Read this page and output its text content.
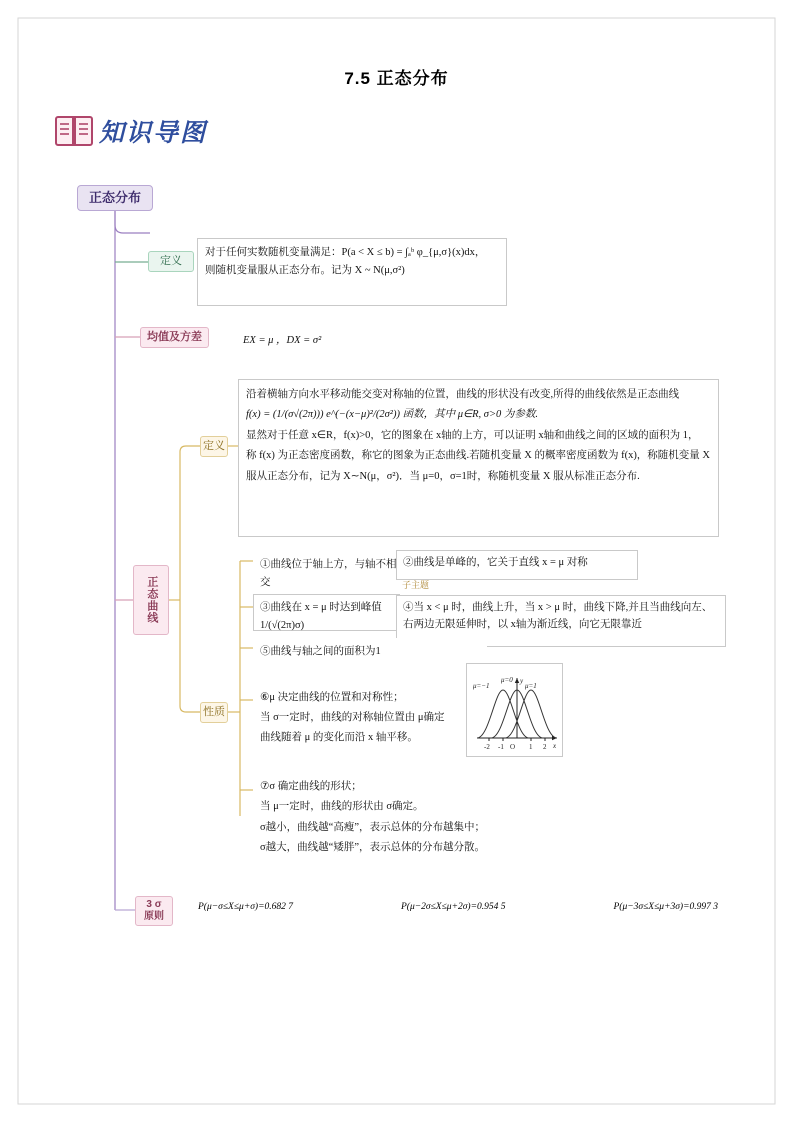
7.5 正态分布
知识导图
正态分布
定义
对于任何实数随机变量满足：P(a < X ≤ b) = ∫ₐᵇ φ_{μ,σ}(x)dx，
则随机变量服从正态分布。记为 X ~ N(μ,σ²)
均值及方差	EX = μ ，DX = σ²
正态曲线
定义
沿着横轴方向水平移动能交变对称轴的位置，曲线的形状没有改变,所得的曲线依然是正态曲线
f(x) = (1/(σ√(2π))) e^(−(x−μ)²/(2σ²)) 函数，其中 μ∈R, σ>0 为参数.
显然对于任意 x∈R，f(x)>0，它的图象在 x轴的上方，可以证明 x轴和曲线之间的区域的面积为 1，
称 f(x) 为正态密度函数，称它的图象为正态曲线.若随机变量 X 的概率密度函数为 f(x)，称随机变量 X
服从正态分布，记为 X∼N(μ，σ²)．当 μ=0，σ=1时，称随机变量 X 服从标准正态分布.
性质
①曲线位于轴上方，与轴不相交
②曲线是单峰的，它关于直线 x = μ 对称
③曲线在 x = μ 时达到峰值 1/(√(2π)σ)
子主题
④当 x < μ 时，曲线上升，当 x > μ 时，曲线下降,并且当曲线向左、右两边无限延伸时，以 x轴为渐近线，向它无限靠近
⑤曲线与轴之间的面积为1
⑥μ 决定曲线的位置和对称性；
当 σ一定时，曲线的对称轴位置由 μ确定
曲线随着 μ 的变化而沿 x 轴平移。
⑦σ 确定曲线的形状；
当 μ一定时，曲线的形状由 σ确定。
σ越小，曲线越“高瘦”，表示总体的分布越集中；
σ越大，曲线越“矮胖”，表示总体的分布越分散。
y
x
-2 -1 O 1 2
μ=−1
μ=0
μ=1
3 σ
原则
P(μ−σ≤X≤μ+σ)=0.682 7	P(μ−2σ≤X≤μ+2σ)=0.954 5	P(μ−3σ≤X≤μ+3σ)=0.997 3
